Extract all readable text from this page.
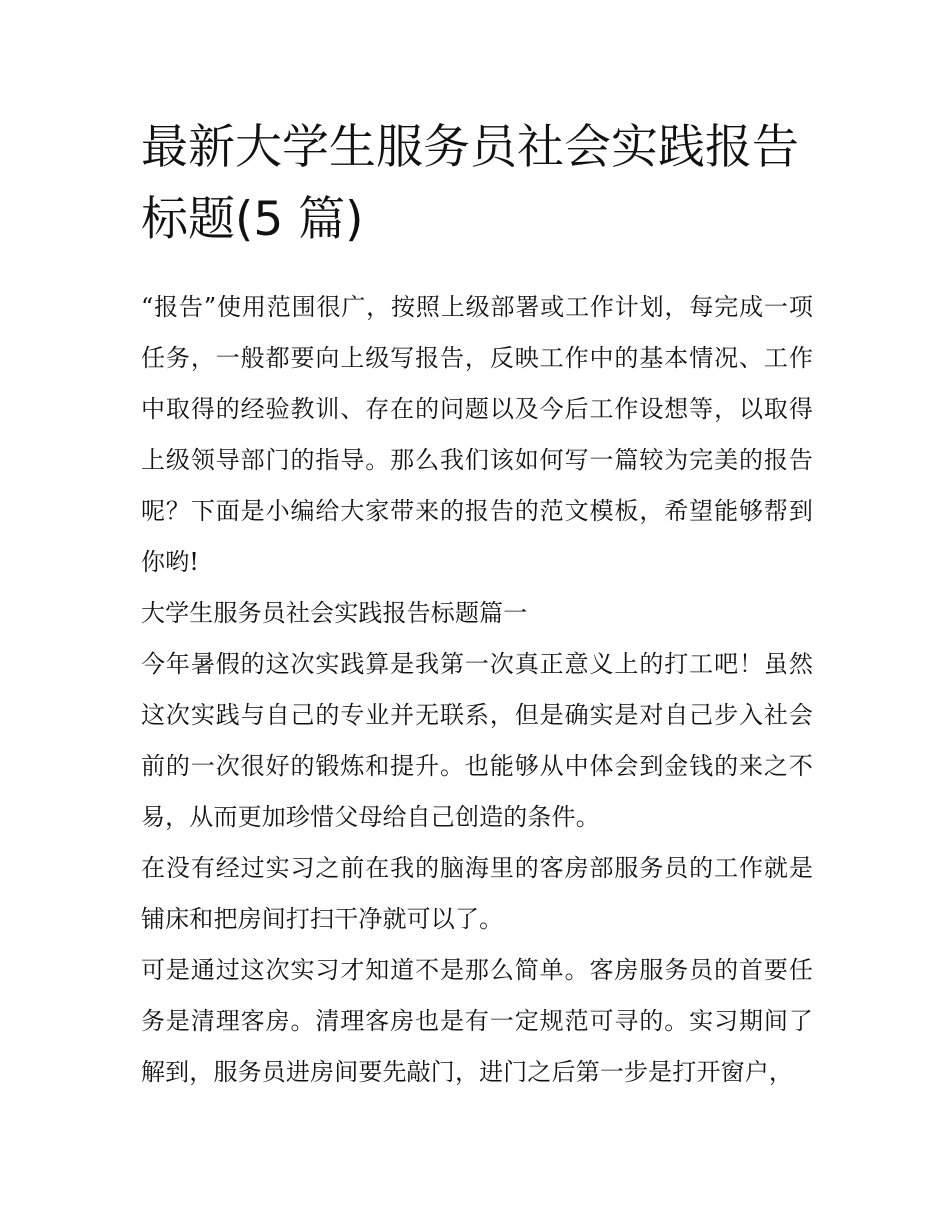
最新大学生服务员社会实践报告标题(5 篇)

“报告”使用范围很广，按照上级部署或工作计划，每完成一项任务，一般都要向上级写报告，反映工作中的基本情况、工作中取得的经验教训、存在的问题以及今后工作设想等，以取得上级领导部门的指导。那么我们该如何写一篇较为完美的报告呢？下面是小编给大家带来的报告的范文模板，希望能够帮到你哟!

大学生服务员社会实践报告标题篇一

今年暑假的这次实践算是我第一次真正意义上的打工吧！虽然这次实践与自己的专业并无联系，但是确实是对自己步入社会前的一次很好的锻炼和提升。也能够从中体会到金钱的来之不易，从而更加珍惜父母给自己创造的条件。

在没有经过实习之前在我的脑海里的客房部服务员的工作就是铺床和把房间打扫干净就可以了。

可是通过这次实习才知道不是那么简单。客房服务员的首要任务是清理客房。清理客房也是有一定规范可寻的。实习期间了解到，服务员进房间要先敲门，进门之后第一步是打开窗户，
